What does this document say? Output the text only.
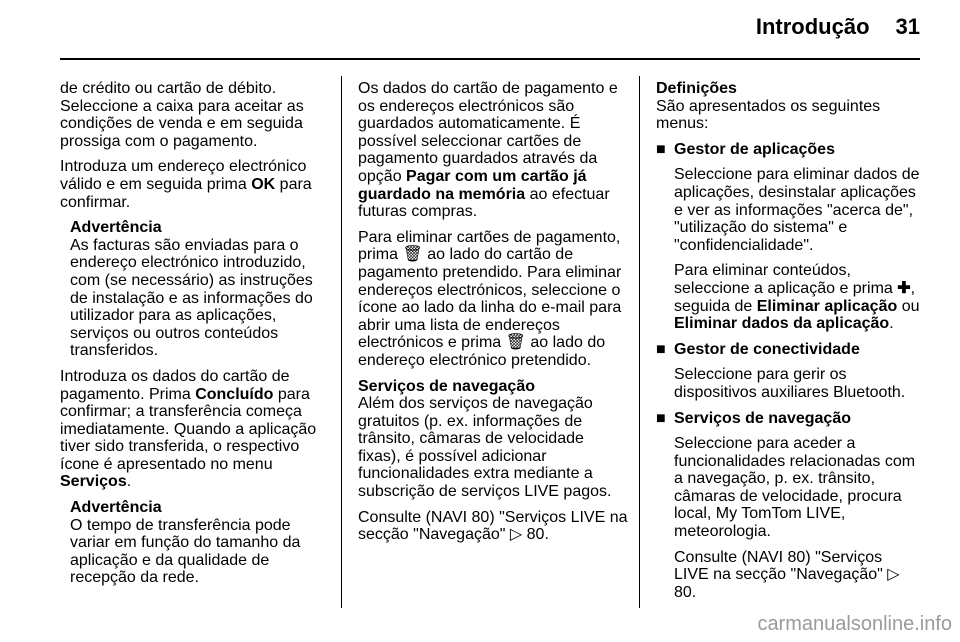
Introdução 31

de crédito ou cartão de débito. Seleccione a caixa para aceitar as condições de venda e em seguida prossiga com o pagamento.

Introduza um endereço electrónico válido e em seguida prima OK para confirmar.

Advertência
As facturas são enviadas para o endereço electrónico introduzido, com (se necessário) as instruções de instalação e as informações do utilizador para as aplicações, serviços ou outros conteúdos transferidos.

Introduza os dados do cartão de pagamento. Prima Concluído para confirmar; a transferência começa imediatamente. Quando a aplicação tiver sido transferida, o respectivo ícone é apresentado no menu Serviços.

Advertência
O tempo de transferência pode variar em função do tamanho da aplicação e da qualidade de recepção da rede.

Os dados do cartão de pagamento e os endereços electrónicos são guardados automaticamente. É possível seleccionar cartões de pagamento guardados através da opção Pagar com um cartão já guardado na memória ao efectuar futuras compras.

Para eliminar cartões de pagamento, prima 🗑 ao lado do cartão de pagamento pretendido. Para eliminar endereços electrónicos, seleccione o ícone ao lado da linha do e-mail para abrir uma lista de endereços electrónicos e prima 🗑 ao lado do endereço electrónico pretendido.

Serviços de navegação
Além dos serviços de navegação gratuitos (p. ex. informações de trânsito, câmaras de velocidade fixas), é possível adicionar funcionalidades extra mediante a subscrição de serviços LIVE pagos.

Consulte (NAVI 80) "Serviços LIVE na secção "Navegação" ▷ 80.

Definições
São apresentados os seguintes menus:
■ Gestor de aplicações
Seleccione para eliminar dados de aplicações, desinstalar aplicações e ver as informações "acerca de", "utilização do sistema" e "confidencialidade".
Para eliminar conteúdos, seleccione a aplicação e prima ✚, seguida de Eliminar aplicação ou Eliminar dados da aplicação.
■ Gestor de conectividade
Seleccione para gerir os dispositivos auxiliares Bluetooth.
■ Serviços de navegação
Seleccione para aceder a funcionalidades relacionadas com a navegação, p. ex. trânsito, câmaras de velocidade, procura local, My TomTom LIVE, meteorologia.
Consulte (NAVI 80) "Serviços LIVE na secção "Navegação" ▷ 80.
carmanualsonline.info
